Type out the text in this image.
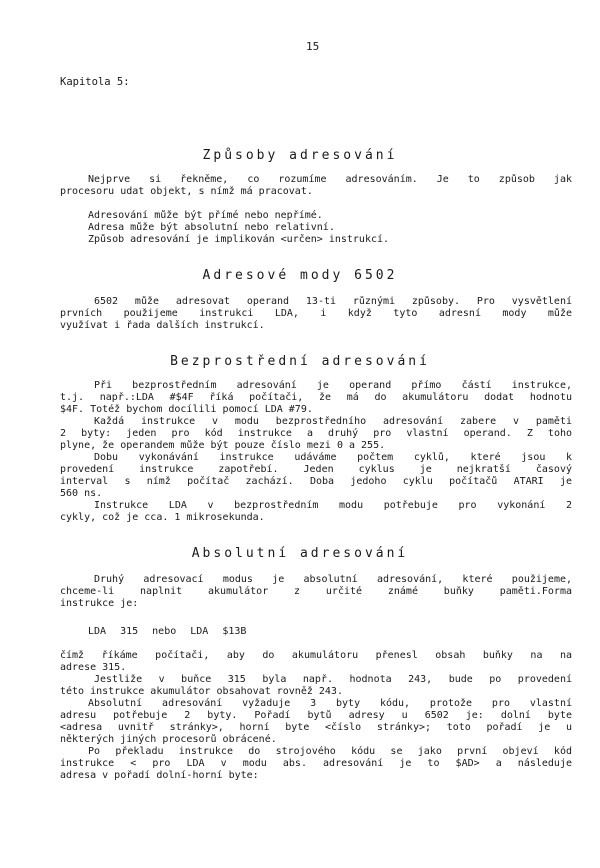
15
Kapitola 5:
Způsoby adresování
Nejprve si řekněme, co rozumíme adresováním. Je to způsob jak
procesoru udat objekt, s nímž má pracovat.
Adresování může být přímé nebo nepřímé.
Adresa může být absolutní nebo relativní.
Způsob adresování je implikován <určen> instrukcí.
Adresové mody 6502
6502 může adresovat operand 13-ti různými způsoby. Pro vysvětlení
prvních použijeme instrukci LDA, i když tyto adresní mody může
využívat i řada dalších instrukcí.
Bezprostřední adresování
Při bezprostředním adresování je operand přímo částí instrukce,
t.j. např.:LDA #$4F říká počítači, že má do akumulátoru dodat hodnotu
$4F. Totéž bychom docílili pomocí LDA #79.
Každá instrukce v modu bezprostředního adresování zabere v paměti
2 byty: jeden pro kód instrukce a druhý pro vlastní operand. Z toho
plyne, že operandem může být pouze číslo mezi 0 a 255.
Dobu vykonávání instrukce udáváme počtem cyklů, které jsou k
provedení instrukce zapotřebí. Jeden cyklus je nejkratší časový
interval s nímž počítač zachází. Doba jedoho cyklu počítačů ATARI je
560 ns.
Instrukce LDA v bezprostředním modu potřebuje pro vykonání 2
cykly, což je cca. 1 mikrosekunda.
Absolutní adresování
Druhý adresovací modus je absolutní adresování, které použijeme,
chceme-li naplnit akumulátor z určité známé buňky paměti.Forma
instrukce je:
LDA 315 nebo LDA $13B
čímž říkáme počítači, aby do akumulátoru přenesl obsah buňky na na
adrese 315.
Jestliže v buňce 315 byla např. hodnota 243, bude po provedení
této instrukce akumulátor obsahovat rovněž 243.
Absolutní adresování vyžaduje 3 byty kódu, protože pro vlastní
adresu potřebuje 2 byty. Pořadí bytů adresy u 6502 je: dolní byte
<adresa uvnitř stránky>, horní byte <číslo stránky>; toto pořadí je u
některých jiných procesorů obrácené.
Po překladu instrukce do strojového kódu se jako první objeví kód
instrukce < pro LDA v modu abs. adresování je to $AD> a následuje
adresa v pořadí dolní-horní byte:
